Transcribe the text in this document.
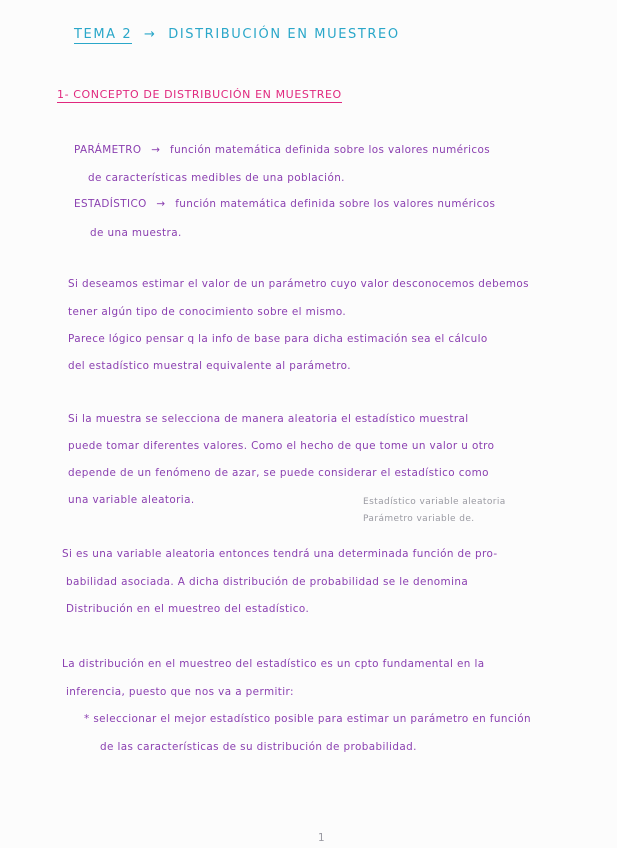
TEMA 2 → DISTRIBUCIÓN EN MUESTREO
1- CONCEPTO DE DISTRIBUCIÓN EN MUESTREO
PARÁMETRO → función matemática definida sobre los valores numéricos
de características medibles de una población.
ESTADÍSTICO → función matemática definida sobre los valores numéricos
de una muestra.
Si deseamos estimar el valor de un parámetro cuyo valor desconocemos debemos
tener algún tipo de conocimiento sobre el mismo.
Parece lógico pensar q la info de base para dicha estimación sea el cálculo
del estadístico muestral equivalente al parámetro.
Si la muestra se selecciona de manera aleatoria el estadístico muestral
puede tomar diferentes valores. Como el hecho de que tome un valor u otro
depende de un fenómeno de azar, se puede considerar el estadístico como
una variable aleatoria.	Estadístico variable aleatoria
Parámetro variable de.
Si es una variable aleatoria entonces tendrá una determinada función de pro-
babilidad asociada. A dicha distribución de probabilidad se le denomina
Distribución en el muestreo del estadístico.
La distribución en el muestreo del estadístico es un cpto fundamental en la
inferencia, puesto que nos va a permitir:
* seleccionar el mejor estadístico posible para estimar un parámetro en función
de las características de su distribución de probabilidad.
1
